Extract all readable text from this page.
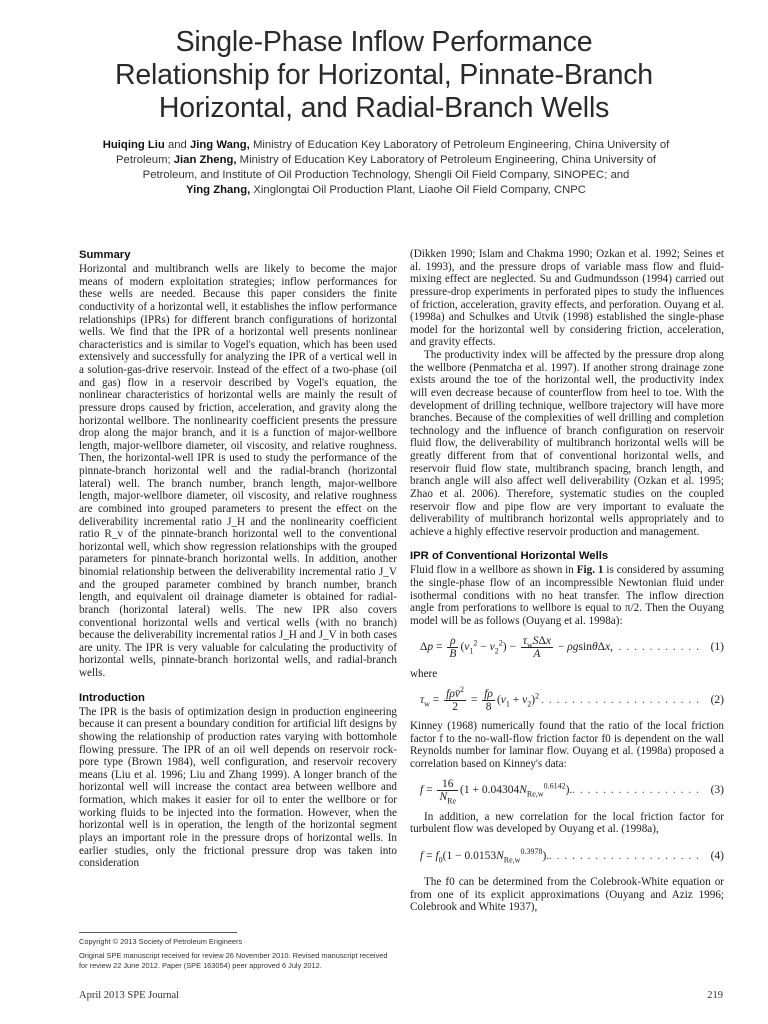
Single-Phase Inflow Performance
Relationship for Horizontal, Pinnate-Branch
Horizontal, and Radial-Branch Wells
Huiqing Liu and Jing Wang, Ministry of Education Key Laboratory of Petroleum Engineering, China University of
Petroleum; Jian Zheng, Ministry of Education Key Laboratory of Petroleum Engineering, China University of
Petroleum, and Institute of Oil Production Technology, Shengli Oil Field Company, SINOPEC; and
Ying Zhang, Xinglongtai Oil Production Plant, Liaohe Oil Field Company, CNPC
Summary

Horizontal and multibranch wells are likely to become the major means of modern exploitation strategies; inflow performances for these wells are needed. Because this paper considers the finite conductivity of a horizontal well, it establishes the inflow performance relationships (IPRs) for different branch configurations of horizontal wells. We find that the IPR of a horizontal well presents nonlinear characteristics and is similar to Vogel's equation, which has been used extensively and successfully for analyzing the IPR of a vertical well in a solution-gas-drive reservoir. Instead of the effect of a two-phase (oil and gas) flow in a reservoir described by Vogel's equation, the nonlinear characteristics of horizontal wells are mainly the result of pressure drops caused by friction, acceleration, and gravity along the horizontal wellbore. The nonlinearity coefficient presents the pressure drop along the major branch, and it is a function of major-wellbore length, major-wellbore diameter, oil viscosity, and relative roughness. Then, the horizontal-well IPR is used to study the performance of the pinnate-branch horizontal well and the radial-branch (horizontal lateral) well. The branch number, branch length, major-wellbore length, major-wellbore diameter, oil viscosity, and relative roughness are combined into grouped parameters to present the effect on the deliverability incremental ratio J_H and the nonlinearity coefficient ratio R_v of the pinnate-branch horizontal well to the conventional horizontal well, which show regression relationships with the grouped parameters for pinnate-branch horizontal wells. In addition, another binomial relationship between the deliverability incremental ratio J_V and the grouped parameter combined by branch number, branch length, and equivalent oil drainage diameter is obtained for radial-branch (horizontal lateral) wells. The new IPR also covers conventional horizontal wells and vertical wells (with no branch) because the deliverability incremental ratios J_H and J_V in both cases are unity. The IPR is very valuable for calculating the productivity of horizontal wells, pinnate-branch horizontal wells, and radial-branch wells.

Introduction

The IPR is the basis of optimization design in production engineering because it can present a boundary condition for artificial lift designs by showing the relationship of production rates varying with bottomhole flowing pressure. The IPR of an oil well depends on reservoir rock-pore type (Brown 1984), well configuration, and reservoir recovery means (Liu et al. 1996; Liu and Zhang 1999). A longer branch of the horizontal well will increase the contact area between wellbore and formation, which makes it easier for oil to enter the wellbore or for working fluids to be injected into the formation. However, when the horizontal well is in operation, the length of the horizontal segment plays an important role in the pressure drops of horizontal wells. In earlier studies, only the frictional pressure drop was taken into consideration

(Dikken 1990; Islam and Chakma 1990; Ozkan et al. 1992; Seines et al. 1993), and the pressure drops of variable mass flow and fluid-mixing effect are neglected. Su and Gudmundsson (1994) carried out pressure-drop experiments in perforated pipes to study the influences of friction, acceleration, gravity effects, and perforation. Ouyang et al. (1998a) and Schulkes and Utvik (1998) established the single-phase model for the horizontal well by considering friction, acceleration, and gravity effects.

The productivity index will be affected by the pressure drop along the wellbore (Penmatcha et al. 1997). If another strong drainage zone exists around the toe of the horizontal well, the productivity index will even decrease because of counterflow from heel to toe. With the development of drilling technique, wellbore trajectory will have more branches. Because of the complexities of well drilling and completion technology and the influence of branch configuration on reservoir fluid flow, the deliverability of multibranch horizontal wells will be greatly different from that of conventional horizontal wells, and reservoir fluid flow state, multibranch spacing, branch length, and branch angle will also affect well deliverability (Ozkan et al. 1995; Zhao et al. 2006). Therefore, systematic studies on the coupled reservoir flow and pipe flow are very important to evaluate the deliverability of multibranch horizontal wells appropriately and to achieve a highly effective reservoir production and management.

IPR of Conventional Horizontal Wells

Fluid flow in a wellbore as shown in Fig. 1 is considered by assuming the single-phase flow of an incompressible Newtonian fluid under isothermal conditions with no heat transfer. The inflow direction angle from perforations to wellbore is equal to π/2. Then the Ouyang model will be as follows (Ouyang et al. 1998a):

$\Delta p = \frac{\rho}{B} (v_1^2 - v_2^2) - \frac{\tau_wS\Delta x}{A} - \rho gsin\theta\Delta x$, . . . . . . . . . . . (1)
where
$\tau_w = \frac{f\rho v̄^2}{2} = \frac{f\rho}{8} (v_1 + v_2)^2$ . . . . . . . . . . . . . . . . . . . . . (2)

Kinney (1968) numerically found that the ratio of the local friction factor f to the no-wall-flow friction factor f0 is dependent on the wall Reynolds number for laminar flow. Ouyang et al. (1998a) proposed a correlation based on Kinney's data:

$f = \frac{16}{N_{Re}} (1 + 0.04304N_{Re,w}^{0.6142})$. . . . . . . . . . . . . . . . . . (3)

In addition, a new correlation for the local friction factor for turbulent flow was developed by Ouyang et al. (1998a),

$f = f_0(1 - 0.0153N_{Re,w}^{0.3978})$. . . . . . . . . . . . . . . . . . . . . (4)

The f0 can be determined from the Colebrook-White equation or from one of its explicit approximations (Ouyang and Aziz 1996; Colebrook and White 1937),

Copyright © 2013 Society of Petroleum Engineers
Original SPE manuscript received for review 26 November 2010. Revised manuscript received for review 22 June 2012. Paper (SPE 163054) peer approved 6 July 2012.
April 2013 SPE Journal	219
